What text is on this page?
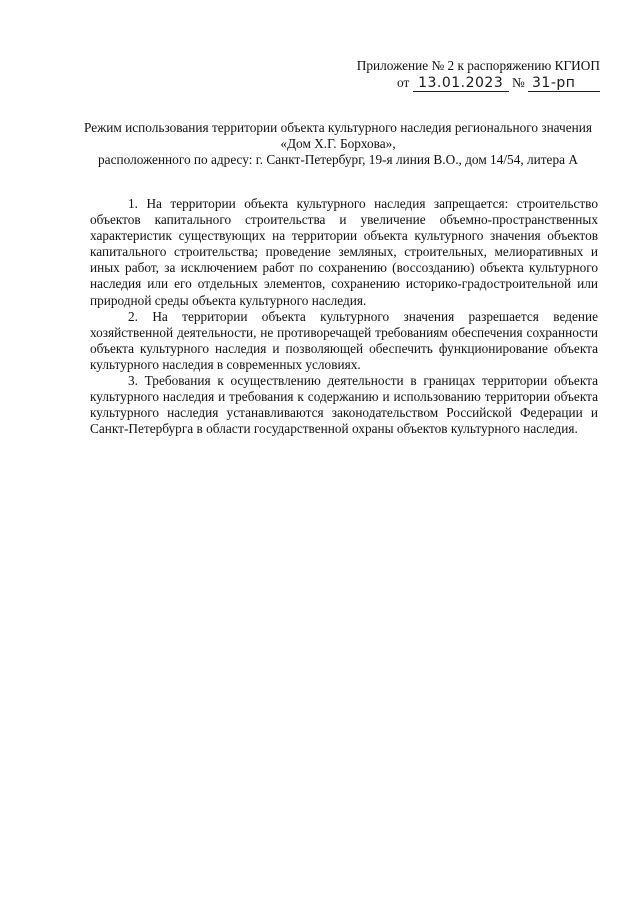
Приложение № 2 к распоряжению КГИОП
от 13.01.2023 № 31-рп
Режим использования территории объекта культурного наследия регионального значения
«Дом Х.Г. Борхова»,
расположенного по адресу: г. Санкт-Петербург, 19-я линия В.О., дом 14/54, литера А

1. На территории объекта культурного наследия запрещается: строительство объектов капитального строительства и увеличение объемно-пространственных характеристик существующих на территории объекта культурного значения объектов капитального строительства; проведение земляных, строительных, мелиоративных и иных работ, за исключением работ по сохранению (воссозданию) объекта культурного наследия или его отдельных элементов, сохранению историко-градостроительной или природной среды объекта культурного наследия.

2. На территории объекта культурного значения разрешается ведение хозяйственной деятельности, не противоречащей требованиям обеспечения сохранности объекта культурного наследия и позволяющей обеспечить функционирование объекта культурного наследия в современных условиях.

3. Требования к осуществлению деятельности в границах территории объекта культурного наследия и требования к содержанию и использованию территории объекта культурного наследия устанавливаются законодательством Российской Федерации и Санкт-Петербурга в области государственной охраны объектов культурного наследия.
